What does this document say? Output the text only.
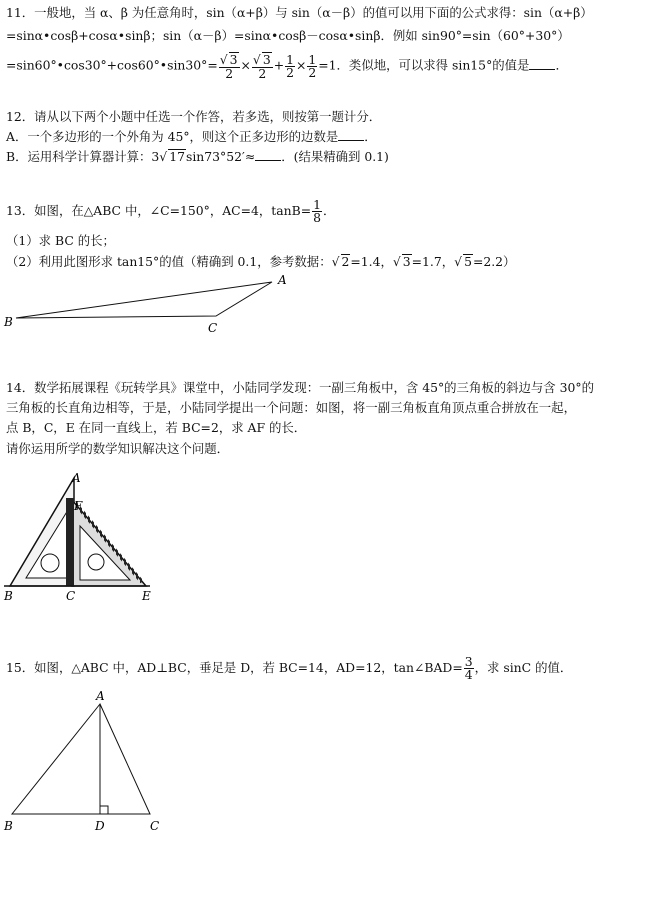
11．一般地，当 α、β 为任意角时，sin（α+β）与 sin（α－β）的值可以用下面的公式求得：sin（α+β）
=sinα•cosβ+cosα•sinβ；sin（α－β）=sinα•cosβ－cosα•sinβ．例如 sin90°=sin（60°+30°）
=sin60°•cos30°+cos60°•sin30°= $\frac{√ 3}{2} \times \frac{√ 3}{2} + \frac{1}{2} \times \frac{1}{2} =1$．类似地，可以求得 sin15°的值是 ．
12．请从以下两个小题中任选一个作答，若多选，则按第一题计分．
A．一个多边形的一个外角为 45°，则这个正多边形的边数是 ．
B．运用科学计算器计算：3√ 17sin73°52′≈ ．(结果精确到 0.1)
13．如图，在△ABC 中，∠C=150°，AC=4，$\tan B= \frac{1}{8}$ ．
（1）求 BC 的长；
（2）利用此图形求 tan15°的值（精确到 0.1，参考数据：√ 2=1.4，√ 3=1.7，√ 5=2.2）
A
B	C
14．数学拓展课程《玩转学具》课堂中，小陆同学发现：一副三角板中，含 45°的三角板的斜边与含 30°的
三角板的长直角边相等，于是，小陆同学提出一个问题：如图，将一副三角板直角顶点重合拼放在一起，
点 B，C，E 在同一直线上，若 BC=2，求 AF 的长．
请你运用所学的数学知识解决这个问题．
A
F
B	C	E
15．如图，△ABC 中，AD⊥BC，垂足是 D，若 BC=14，AD=12，tan∠BAD= $\frac{3}{4}$ ，求 sinC 的值．
A
B	D	C
